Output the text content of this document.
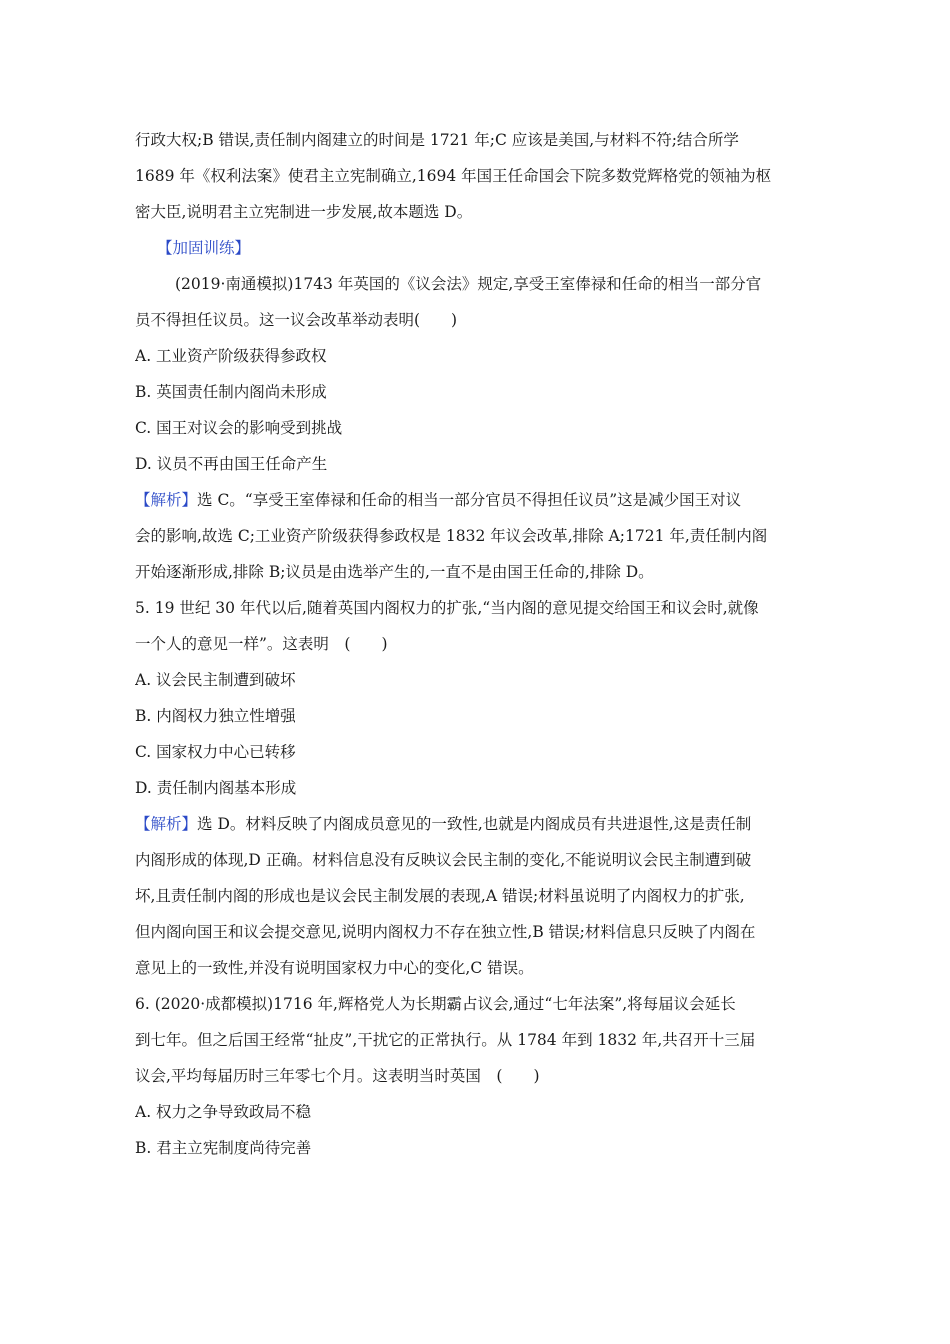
行政大权;B 错误,责任制内阁建立的时间是 1721 年;C 应该是美国,与材料不符;结合所学
1689 年《权利法案》使君主立宪制确立,1694 年国王任命国会下院多数党辉格党的领袖为枢
密大臣,说明君主立宪制进一步发展,故本题选 D。
【加固训练】
(2019·南通模拟)1743 年英国的《议会法》规定,享受王室俸禄和任命的相当一部分官
员不得担任议员。这一议会改革举动表明(　　)
A. 工业资产阶级获得参政权
B. 英国责任制内阁尚未形成
C. 国王对议会的影响受到挑战
D. 议员不再由国王任命产生
【解析】选 C。“享受王室俸禄和任命的相当一部分官员不得担任议员”这是减少国王对议
会的影响,故选 C;工业资产阶级获得参政权是 1832 年议会改革,排除 A;1721 年,责任制内阁
开始逐渐形成,排除 B;议员是由选举产生的,一直不是由国王任命的,排除 D。
5. 19 世纪 30 年代以后,随着英国内阁权力的扩张,“当内阁的意见提交给国王和议会时,就像
一个人的意见一样”。这表明　(　　)
A. 议会民主制遭到破坏
B. 内阁权力独立性增强
C. 国家权力中心已转移
D. 责任制内阁基本形成
【解析】选 D。材料反映了内阁成员意见的一致性,也就是内阁成员有共进退性,这是责任制
内阁形成的体现,D 正确。材料信息没有反映议会民主制的变化,不能说明议会民主制遭到破
坏,且责任制内阁的形成也是议会民主制发展的表现,A 错误;材料虽说明了内阁权力的扩张,
但内阁向国王和议会提交意见,说明内阁权力不存在独立性,B 错误;材料信息只反映了内阁在
意见上的一致性,并没有说明国家权力中心的变化,C 错误。
6. (2020·成都模拟)1716 年,辉格党人为长期霸占议会,通过“七年法案”,将每届议会延长
到七年。但之后国王经常“扯皮”,干扰它的正常执行。从 1784 年到 1832 年,共召开十三届
议会,平均每届历时三年零七个月。这表明当时英国　(　　)
A. 权力之争导致政局不稳
B. 君主立宪制度尚待完善
